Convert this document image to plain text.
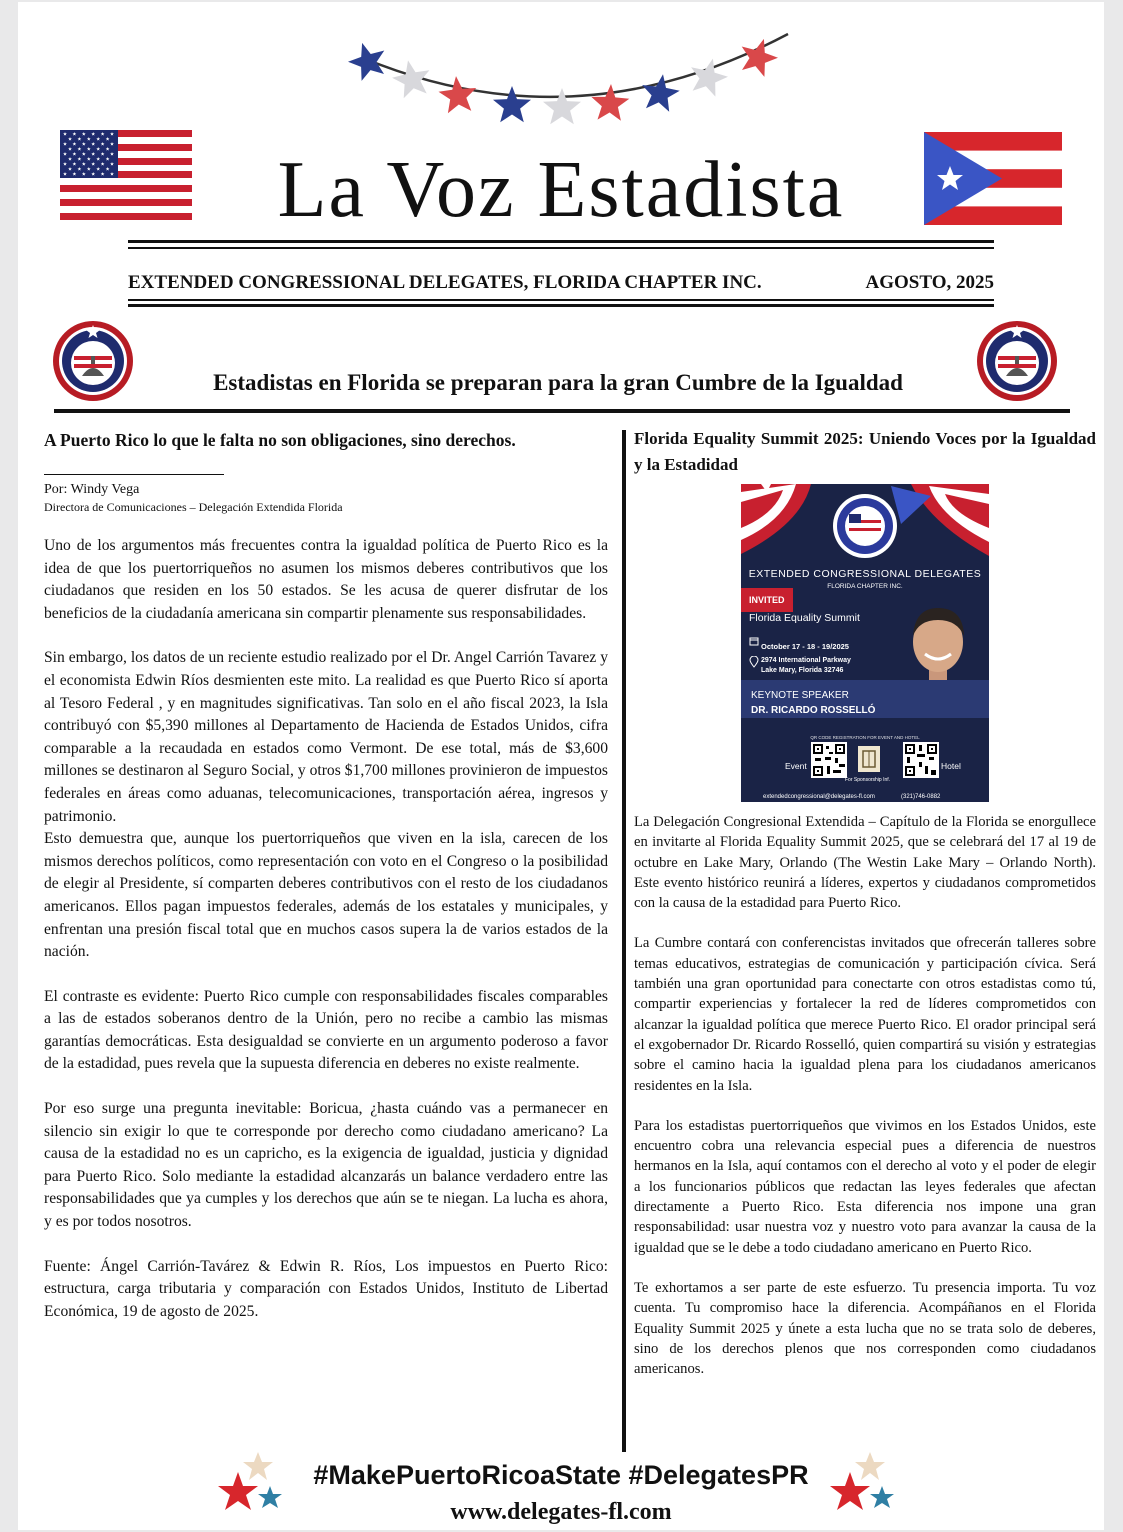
La Voz Estadista
EXTENDED CONGRESSIONAL DELEGATES, FLORIDA CHAPTER INC.	AGOSTO, 2025
Estadistas en Florida se preparan para la gran Cumbre de la Igualdad

A Puerto Rico lo que le falta no son obligaciones, sino derechos.

Por: Windy Vega
Directora de Comunicaciones – Delegación Extendida Florida

Uno de los argumentos más frecuentes contra la igualdad política de Puerto Rico es la idea de que los puertorriqueños no asumen los mismos deberes contributivos que los ciudadanos que residen en los 50 estados. Se les acusa de querer disfrutar de los beneficios de la ciudadanía americana sin compartir plenamente sus responsabilidades.

Sin embargo, los datos de un reciente estudio realizado por el Dr. Angel Carrión Tavarez y el economista Edwin Ríos desmienten este mito. La realidad es que Puerto Rico sí aporta al Tesoro Federal , y en magnitudes significativas. Tan solo en el año fiscal 2023, la Isla contribuyó con $5,390 millones al Departamento de Hacienda de Estados Unidos, cifra comparable a la recaudada en estados como Vermont. De ese total, más de $3,600 millones se destinaron al Seguro Social, y otros $1,700 millones provinieron de impuestos federales en áreas como aduanas, telecomunicaciones, transportación aérea, ingresos y patrimonio.

Esto demuestra que, aunque los puertorriqueños que viven en la isla, carecen de los mismos derechos políticos, como representación con voto en el Congreso o la posibilidad de elegir al Presidente, sí comparten deberes contributivos con el resto de los ciudadanos americanos. Ellos pagan impuestos federales, además de los estatales y municipales, y enfrentan una presión fiscal total que en muchos casos supera la de varios estados de la nación.

El contraste es evidente: Puerto Rico cumple con responsabilidades fiscales comparables a las de estados soberanos dentro de la Unión, pero no recibe a cambio las mismas garantías democráticas. Esta desigualdad se convierte en un argumento poderoso a favor de la estadidad, pues revela que la supuesta diferencia en deberes no existe realmente.

Por eso surge una pregunta inevitable: Boricua, ¿hasta cuándo vas a permanecer en silencio sin exigir lo que te corresponde por derecho como ciudadano americano? La causa de la estadidad no es un capricho, es la exigencia de igualdad, justicia y dignidad para Puerto Rico. Solo mediante la estadidad alcanzarás un balance verdadero entre las responsabilidades que ya cumples y los derechos que aún se te niegan. La lucha es ahora, y es por todos nosotros.

Fuente: Ángel Carrión-Tavárez & Edwin R. Ríos, Los impuestos en Puerto Rico: estructura, carga tributaria y comparación con Estados Unidos, Instituto de Libertad Económica, 19 de agosto de 2025.

Florida Equality Summit 2025: Uniendo Voces por la Igualdad y la Estadidad

EXTENDED CONGRESSIONAL DELEGATES
FLORIDA CHAPTER INC.
INVITED
Florida Equality Summit
October 17 - 18 - 19/2025
2974 International Parkway
Lake Mary, Florida 32746
KEYNOTE SPEAKER
DR. RICARDO ROSSELLÓ
QR CODE REGISTRATION FOR EVENT AND HOTEL
Event	Hotel
For Sponsorship Inf.
extendedcongressional@delegates-fl.com	(321)746-0882

La Delegación Congresional Extendida – Capítulo de la Florida se enorgullece en invitarte al Florida Equality Summit 2025, que se celebrará del 17 al 19 de octubre en Lake Mary, Orlando (The Westin Lake Mary – Orlando North). Este evento histórico reunirá a líderes, expertos y ciudadanos comprometidos con la causa de la estadidad para Puerto Rico.

La Cumbre contará con conferencistas invitados que ofrecerán talleres sobre temas educativos, estrategias de comunicación y participación cívica. Será también una gran oportunidad para conectarte con otros estadistas como tú, compartir experiencias y fortalecer la red de líderes comprometidos con alcanzar la igualdad política que merece Puerto Rico. El orador principal será el exgobernador Dr. Ricardo Rosselló, quien compartirá su visión y estrategias sobre el camino hacia la igualdad plena para los ciudadanos americanos residentes en la Isla.

Para los estadistas puertorriqueños que vivimos en los Estados Unidos, este encuentro cobra una relevancia especial pues a diferencia de nuestros hermanos en la Isla, aquí contamos con el derecho al voto y el poder de elegir a los funcionarios públicos que redactan las leyes federales que afectan directamente a Puerto Rico. Esta diferencia nos impone una gran responsabilidad: usar nuestra voz y nuestro voto para avanzar la causa de la igualdad que se le debe a todo ciudadano americano en Puerto Rico.

Te exhortamos a ser parte de este esfuerzo. Tu presencia importa. Tu voz cuenta. Tu compromiso hace la diferencia. Acompáñanos en el Florida Equality Summit 2025 y únete a esta lucha que no se trata solo de deberes, sino de los derechos plenos que nos corresponden como ciudadanos americanos.

#MakePuertoRicoaState #DelegatesPR
www.delegates-fl.com
